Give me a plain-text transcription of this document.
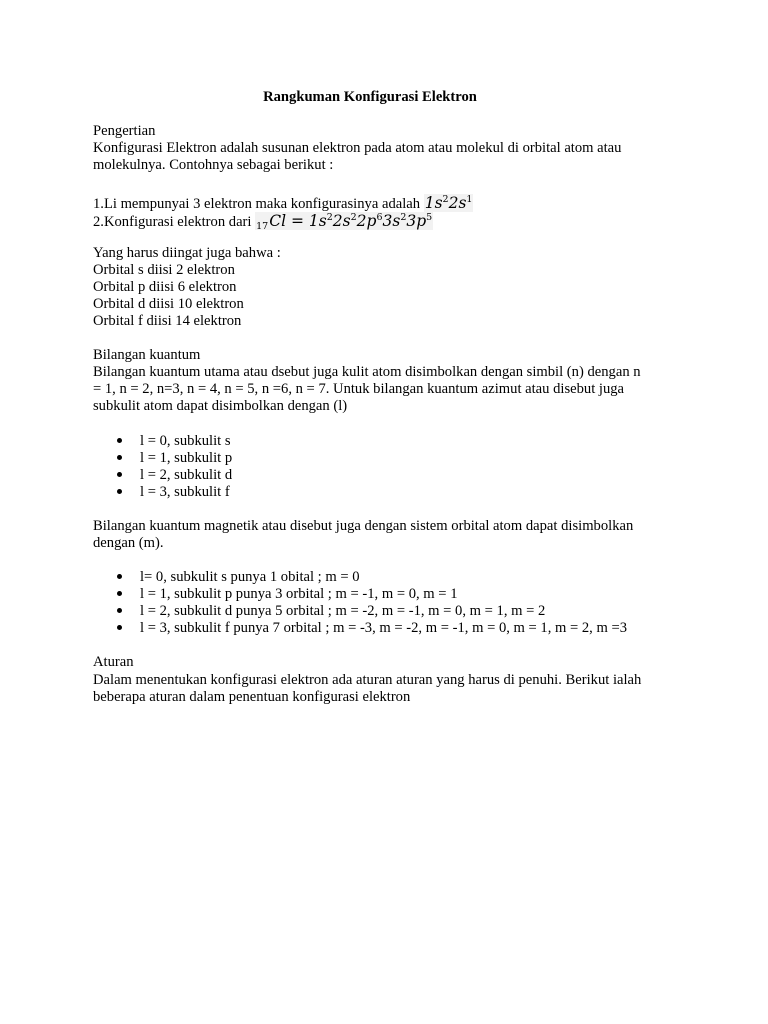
Rangkuman Konfigurasi Elektron
Pengertian
Konfigurasi Elektron adalah susunan elektron pada atom atau molekul di orbital atom atau
molekulnya. Contohnya sebagai berikut :
1.Li mempunyai 3 elektron maka konfigurasinya adalah $1s^22s^1$
2.Konfigurasi elektron dari $17Cl = 1s^22s^22p^63s^23p^5$
Yang harus diingat juga bahwa :
Orbital s diisi 2 elektron
Orbital p diisi 6 elektron
Orbital d diisi 10 elektron
Orbital f diisi 14 elektron
Bilangan kuantum
Bilangan kuantum utama atau dsebut juga kulit atom disimbolkan dengan simbil (n) dengan n
= 1, n = 2, n=3, n = 4, n = 5, n =6, n = 7. Untuk bilangan kuantum azimut atau disebut juga
subkulit atom dapat disimbolkan dengan (l)
l = 0, subkulit s
l = 1, subkulit p
l = 2, subkulit d
l = 3, subkulit f
Bilangan kuantum magnetik atau disebut juga dengan sistem orbital atom dapat disimbolkan
dengan (m).
l= 0, subkulit s punya 1 obital ; m = 0
l = 1, subkulit p punya 3 orbital ; m = -1, m = 0, m = 1
l = 2, subkulit d punya 5 orbital ; m = -2, m = -1, m = 0, m = 1, m = 2
l = 3, subkulit f punya 7 orbital ; m = -3, m = -2, m = -1, m = 0, m = 1, m = 2, m =3
Aturan
Dalam menentukan konfigurasi elektron ada aturan aturan yang harus di penuhi. Berikut ialah
beberapa aturan dalam penentuan konfigurasi elektron
